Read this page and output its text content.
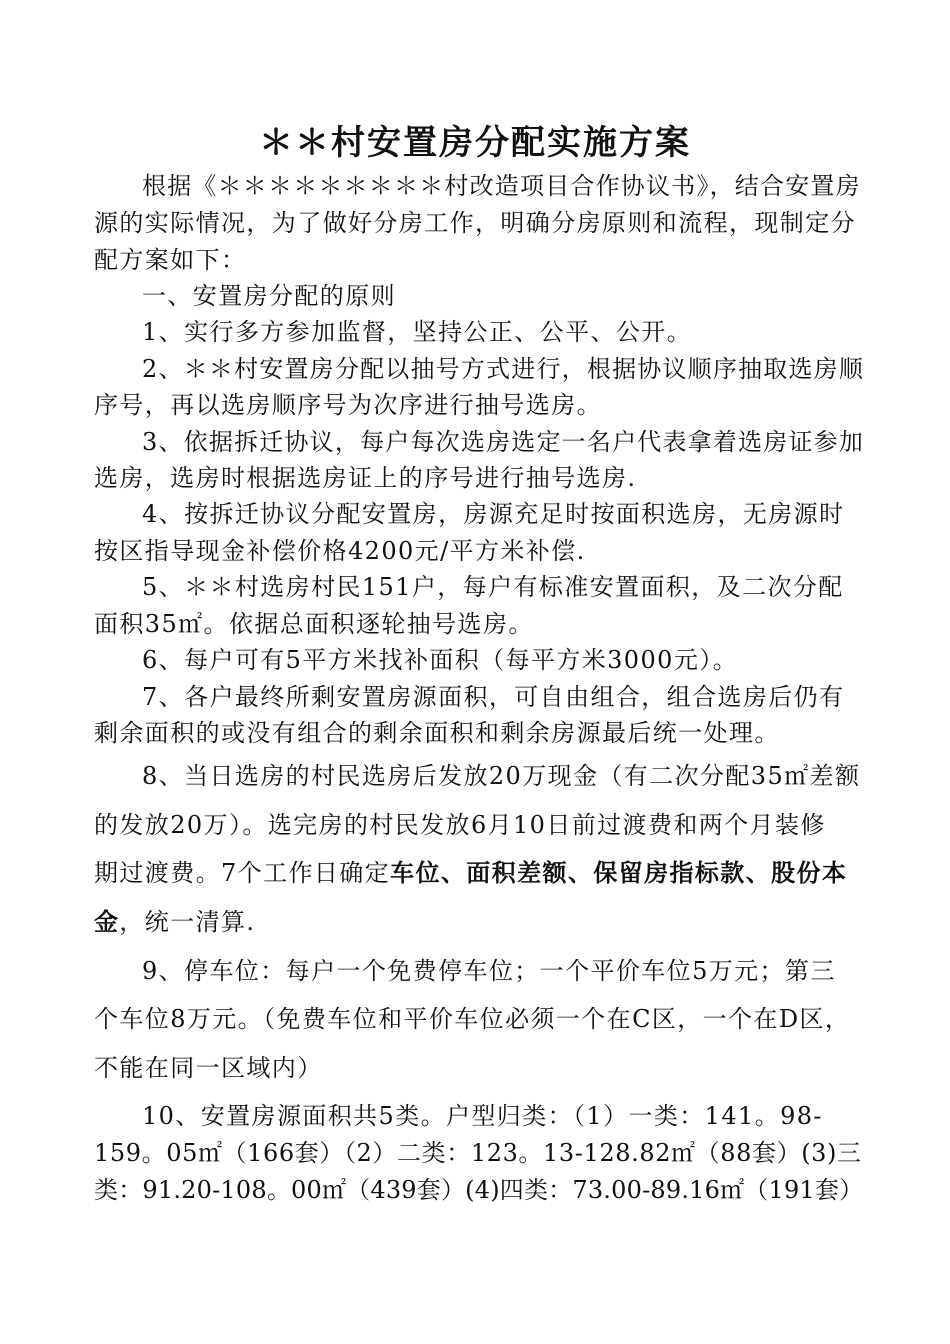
＊＊村安置房分配实施方案
根据《＊＊＊＊＊＊＊＊＊村改造项目合作协议书》，结合安置房
源的实际情况，为了做好分房工作，明确分房原则和流程，现制定分
配方案如下：
一、安置房分配的原则
1、实行多方参加监督，坚持公正、公平、公开。
2、＊＊村安置房分配以抽号方式进行，根据协议顺序抽取选房顺
序号，再以选房顺序号为次序进行抽号选房。
3、依据拆迁协议，每户每次选房选定一名户代表拿着选房证参加
选房，选房时根据选房证上的序号进行抽号选房.
4、按拆迁协议分配安置房，房源充足时按面积选房，无房源时
按区指导现金补偿价格4200元/平方米补偿.
5、＊＊村选房村民151户，每户有标准安置面积，及二次分配
面积35㎡。依据总面积逐轮抽号选房。
6、每户可有5平方米找补面积（每平方米3000元）。
7、各户最终所剩安置房源面积，可自由组合，组合选房后仍有
剩余面积的或没有组合的剩余面积和剩余房源最后统一处理。
8、当日选房的村民选房后发放20万现金（有二次分配35㎡差额
的发放20万）。选完房的村民发放6月10日前过渡费和两个月装修
期过渡费。7个工作日确定车位、面积差额、保留房指标款、股份本
金，统一清算.
9、停车位：每户一个免费停车位；一个平价车位5万元；第三
个车位8万元。（免费车位和平价车位必须一个在C区，一个在D区，
不能在同一区域内）
10、安置房源面积共5类。户型归类：（1）一类：141。98-
159。05㎡（166套）（2）二类：123。13-128.82㎡（88套）(3)三
类：91.20-108。00㎡（439套）(4)四类：73.00-89.16㎡（191套）
